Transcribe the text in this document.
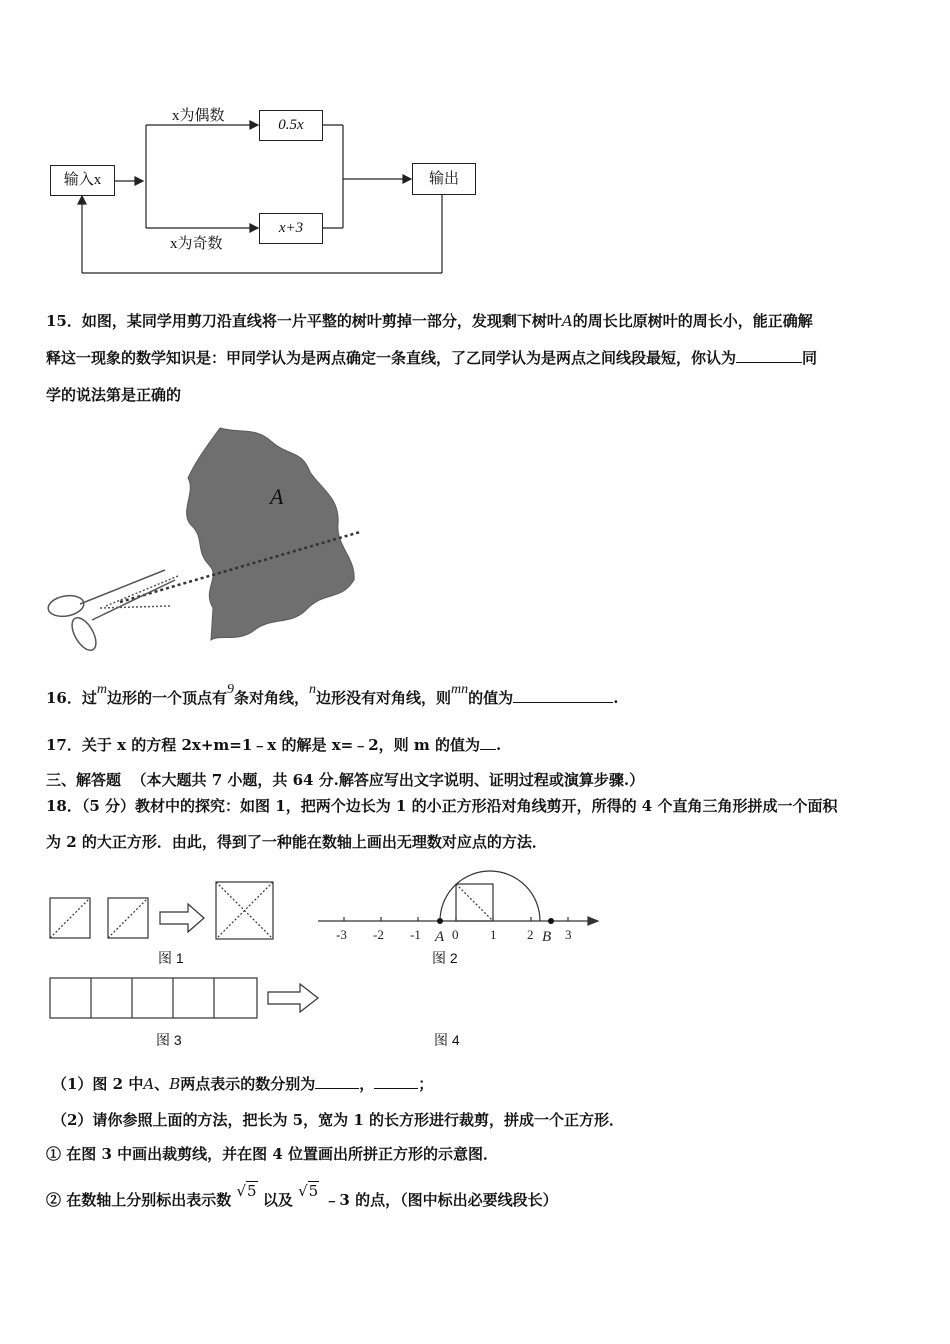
输入x
x为偶数
x为奇数
0.5x
x+3
输出
15．如图，某同学用剪刀沿直线将一片平整的树叶剪掉一部分，发现剩下树叶A的周长比原树叶的周长小，能正确解
释这一现象的数学知识是：甲同学认为是两点确定一条直线，了乙同学认为是两点之间线段最短，你认为	同
学的说法第是正确的
A
16．过m边形的一个顶点有9条对角线，n边形没有对角线，则mn的值为	.
17．关于 x 的方程 2x+m=1﹣x 的解是 x=﹣2，则 m 的值为 .
三、解答题 （本大题共 7 小题，共 64 分.解答应写出文字说明、证明过程或演算步骤.）
18．（5 分）教材中的探究：如图 1，把两个边长为 1 的小正方形沿对角线剪开，所得的 4 个直角三角形拼成一个面积
为 2 的大正方形．由此，得到了一种能在数轴上画出无理数对应点的方法．
图 1
-3 -2 -1 0 1 2 3
A	B
图 2
图 3	图 4
（1）图 2 中A、B两点表示的数分别为	，	；
（2）请你参照上面的方法，把长为 5，宽为 1 的长方形进行裁剪，拼成一个正方形．
① 在图 3 中画出裁剪线，并在图 4 位置画出所拼正方形的示意图．
② 在数轴上分别标出表示数 √5 以及 √5 ﹣3 的点，（图中标出必要线段长）
